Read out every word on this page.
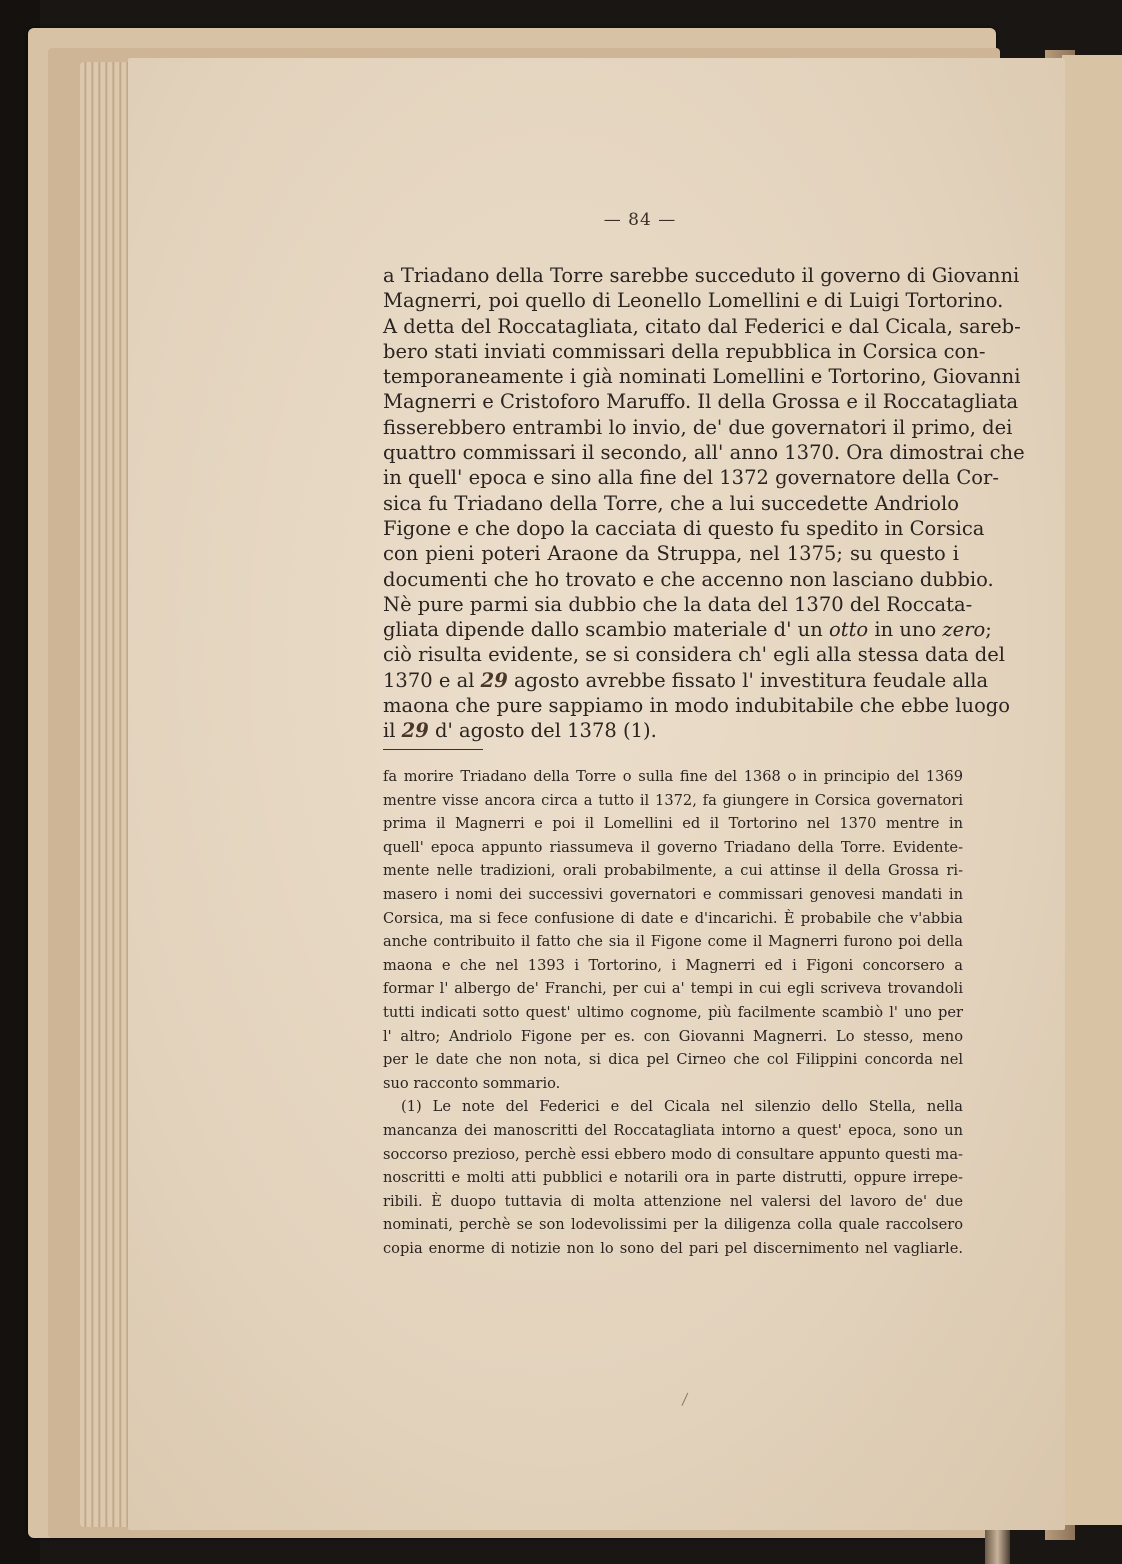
— 84 —
a Triadano della Torre sarebbe succeduto il governo di Giovanni
Magnerri, poi quello di Leonello Lomellini e di Luigi Tortorino.
A detta del Roccatagliata, citato dal Federici e dal Cicala, sareb-
bero stati inviati commissari della repubblica in Corsica con-
temporaneamente i già nominati Lomellini e Tortorino, Giovanni
Magnerri e Cristoforo Maruffo. Il della Grossa e il Roccatagliata
fisserebbero entrambi lo invio, de' due governatori il primo, dei
quattro commissari il secondo, all' anno 1370. Ora dimostrai che
in quell' epoca e sino alla fine del 1372 governatore della Cor-
sica fu Triadano della Torre, che a lui succedette Andriolo
Figone e che dopo la cacciata di questo fu spedito in Corsica
con pieni poteri Araone da Struppa, nel 1375; su questo i
documenti che ho trovato e che accenno non lasciano dubbio.
Nè pure parmi sia dubbio che la data del 1370 del Roccata-
gliata dipende dallo scambio materiale d' un otto in uno zero;
ciò risulta evidente, se si considera ch' egli alla stessa data del
1370 e al 29 agosto avrebbe fissato l' investitura feudale alla
maona che pure sappiamo in modo indubitabile che ebbe luogo
il 29 d' agosto del 1378 (1).
fa morire Triadano della Torre o sulla fine del 1368 o in principio del 1369
mentre visse ancora circa a tutto il 1372, fa giungere in Corsica governatori
prima il Magnerri e poi il Lomellini ed il Tortorino nel 1370 mentre in
quell' epoca appunto riassumeva il governo Triadano della Torre. Evidente-
mente nelle tradizioni, orali probabilmente, a cui attinse il della Grossa ri-
masero i nomi dei successivi governatori e commissari genovesi mandati in
Corsica, ma si fece confusione di date e d'incarichi. È probabile che v'abbia
anche contribuito il fatto che sia il Figone come il Magnerri furono poi della
maona e che nel 1393 i Tortorino, i Magnerri ed i Figoni concorsero a
formar l' albergo de' Franchi, per cui a' tempi in cui egli scriveva trovandoli
tutti indicati sotto quest' ultimo cognome, più facilmente scambiò l' uno per
l' altro; Andriolo Figone per es. con Giovanni Magnerri. Lo stesso, meno
per le date che non nota, si dica pel Cirneo che col Filippini concorda nel
suo racconto sommario.
(1) Le note del Federici e del Cicala nel silenzio dello Stella, nella
mancanza dei manoscritti del Roccatagliata intorno a quest' epoca, sono un
soccorso prezioso, perchè essi ebbero modo di consultare appunto questi ma-
noscritti e molti atti pubblici e notarili ora in parte distrutti, oppure irrepe-
ribili. È duopo tuttavia di molta attenzione nel valersi del lavoro de' due
nominati, perchè se son lodevolissimi per la diligenza colla quale raccolsero
copia enorme di notizie non lo sono del pari pel discernimento nel vagliarle.
